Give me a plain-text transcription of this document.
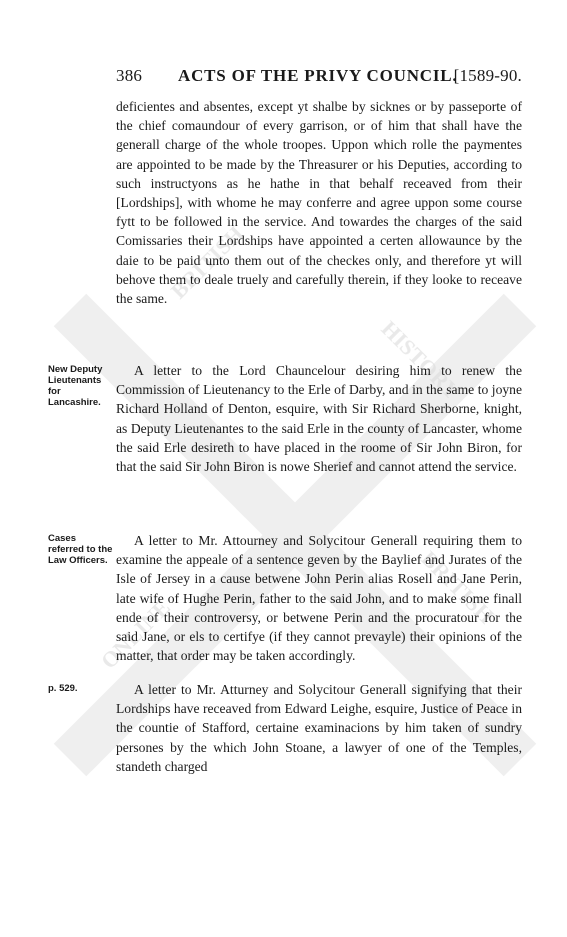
BRITISH
HISTORY
ONLINE
BRITISH
386 ACTS OF THE PRIVY COUNCIL.
[1589-90.
deficientes and absentes, except yt shalbe by sicknes or by passeporte of the chief comaundour of every garrison, or of him that shall have the generall charge of the whole troopes. Uppon which rolle the paymentes are appointed to be made by the Threasurer or his Deputies, according to such instructyons as he hathe in that behalf receaved from their [Lordships], with whome he may conferre and agree uppon some course fytt to be followed in the service. And towardes the charges of the said Comissaries their Lordships have appointed a certen allowaunce by the daie to be paid unto them out of the checkes only, and therefore yt will behove them to deale truely and carefully therein, if they looke to receave the same.
New Deputy Lieutenants for Lancashire.
A letter to the Lord Chauncelour desiring him to renew the Commission of Lieutenancy to the Erle of Darby, and in the same to joyne Richard Holland of Denton, esquire, with Sir Richard Sherborne, knight, as Deputy Lieutenantes to the said Erle in the county of Lancaster, whome the said Erle desireth to have placed in the roome of Sir John Biron, for that the said Sir John Biron is nowe Sherief and cannot attend the service.
Cases referred to the Law Officers.
A letter to Mr. Attourney and Solycitour Generall requiring them to examine the appeale of a sentence geven by the Baylief and Jurates of the Isle of Jersey in a cause betwene John Perin alias Rosell and Jane Perin, late wife of Hughe Perin, father to the said John, and to make some finall ende of their controversy, or betwene Perin and the procuratour for the said Jane, or els to certifye (if they cannot prevayle) their opinions of the matter, that order may be taken accordingly.
p. 529.	A letter to Mr. Atturney and Solycitour Generall signifying that their Lordships have receaved from Edward Leighe, esquire, Justice of Peace in the countie of Stafford, certaine examinacions by him taken of sundry persones by the which John Stoane, a lawyer of one of the Temples, standeth charged
